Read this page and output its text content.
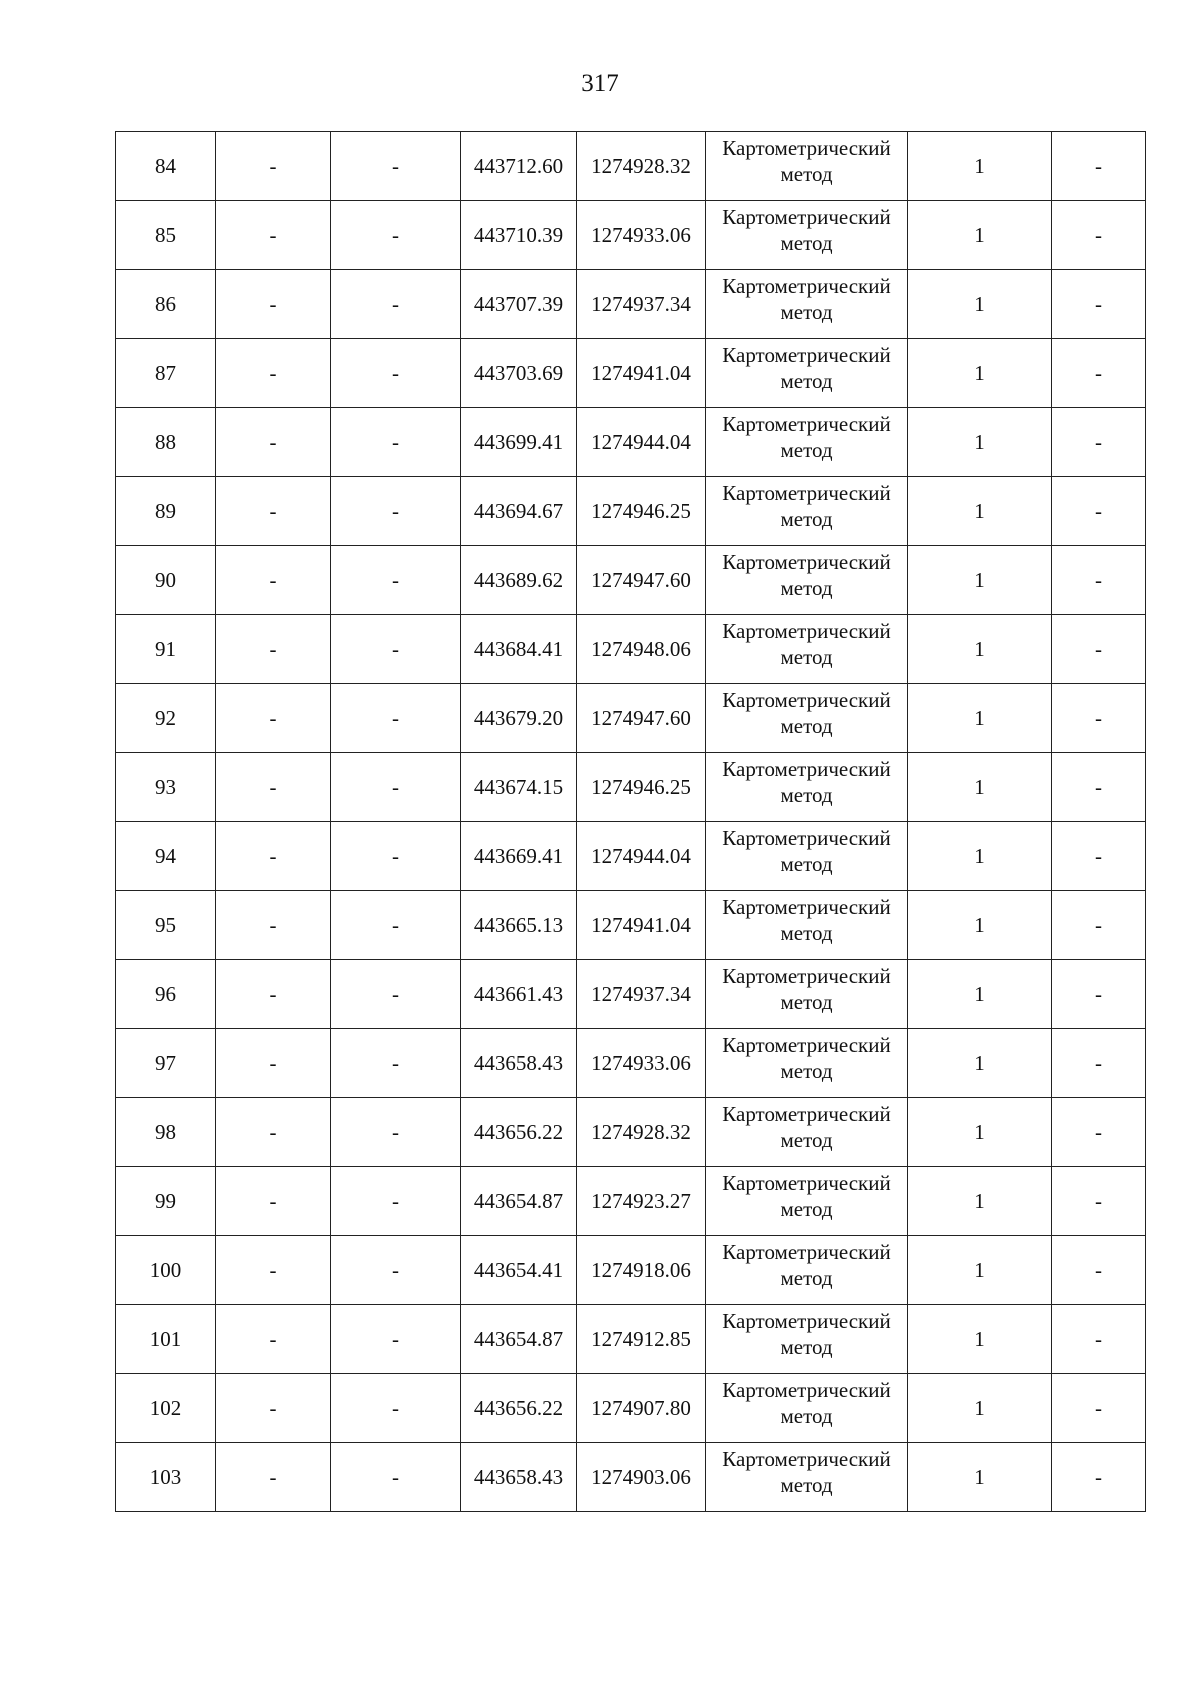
317
84	-	-	443712.60	1274928.32	Картометрический
метод	1	-
85	-	-	443710.39	1274933.06	Картометрический
метод	1	-
86	-	-	443707.39	1274937.34	Картометрический
метод	1	-
87	-	-	443703.69	1274941.04	Картометрический
метод	1	-
88	-	-	443699.41	1274944.04	Картометрический
метод	1	-
89	-	-	443694.67	1274946.25	Картометрический
метод	1	-
90	-	-	443689.62	1274947.60	Картометрический
метод	1	-
91	-	-	443684.41	1274948.06	Картометрический
метод	1	-
92	-	-	443679.20	1274947.60	Картометрический
метод	1	-
93	-	-	443674.15	1274946.25	Картометрический
метод	1	-
94	-	-	443669.41	1274944.04	Картометрический
метод	1	-
95	-	-	443665.13	1274941.04	Картометрический
метод	1	-
96	-	-	443661.43	1274937.34	Картометрический
метод	1	-
97	-	-	443658.43	1274933.06	Картометрический
метод	1	-
98	-	-	443656.22	1274928.32	Картометрический
метод	1	-
99	-	-	443654.87	1274923.27	Картометрический
метод	1	-
100	-	-	443654.41	1274918.06	Картометрический
метод	1	-
101	-	-	443654.87	1274912.85	Картометрический
метод	1	-
102	-	-	443656.22	1274907.80	Картометрический
метод	1	-
103	-	-	443658.43	1274903.06	Картометрический
метод	1	-
